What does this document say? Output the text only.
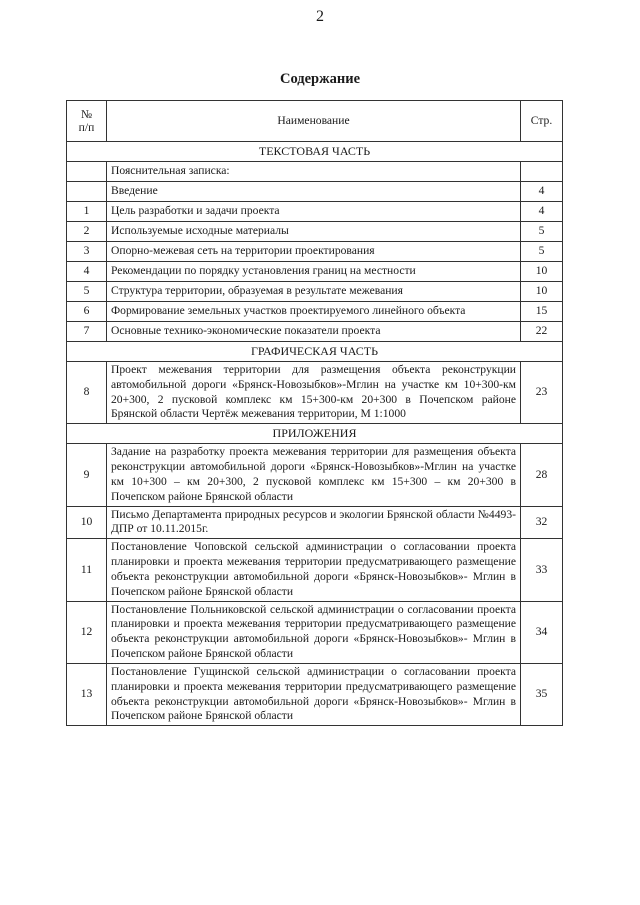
2
Содержание
№
п/п	Наименование	Стр.
ТЕКСТОВАЯ ЧАСТЬ		
	Пояснительная записка:	
	Введение	4
1	Цель разработки и задачи проекта	4
2	Используемые исходные материалы	5
3	Опорно-межевая сеть на территории проектирования	5
4	Рекомендации по порядку установления границ на местности	10
5	Структура территории, образуемая в результате межевания	10
6	Формирование земельных участков проектируемого линейного объекта	15
7	Основные технико-экономические показатели проекта	22
ГРАФИЧЕСКАЯ ЧАСТЬ		
8	Проект межевания территории для размещения объекта реконструкции автомобильной дороги «Брянск-Новозыбков»-Мглин на участке км 10+300-км 20+300, 2 пусковой комплекс км 15+300-км 20+300 в Почепском районе Брянской области Чертёж межевания территории, М 1:1000	23
ПРИЛОЖЕНИЯ		
9	Задание на разработку проекта межевания территории для размещения объекта реконструкции автомобильной дороги «Брянск-Новозыбков»-Мглин на участке км 10+300 – км 20+300, 2 пусковой комплекс км 15+300 – км 20+300 в Почепском районе Брянской области	28
10	Письмо Департамента природных ресурсов и экологии Брянской области №4493-ДПР от 10.11.2015г.	32
11	Постановление Чоповской сельской администрации о согласовании проекта планировки и проекта межевания территории предусматривающего размещение объекта реконструкции автомобильной дороги «Брянск-Новозыбков»- Мглин в Почепском районе Брянской области	33
12	Постановление Польниковской сельской администрации о согласовании проекта планировки и проекта межевания территории предусматривающего размещение объекта реконструкции автомобильной дороги «Брянск-Новозыбков»- Мглин в Почепском районе Брянской области	34
13	Постановление Гущинской сельской администрации о согласовании проекта планировки и проекта межевания территории предусматривающего размещение объекта реконструкции автомобильной дороги «Брянск-Новозыбков»- Мглин в Почепском районе Брянской области	35
